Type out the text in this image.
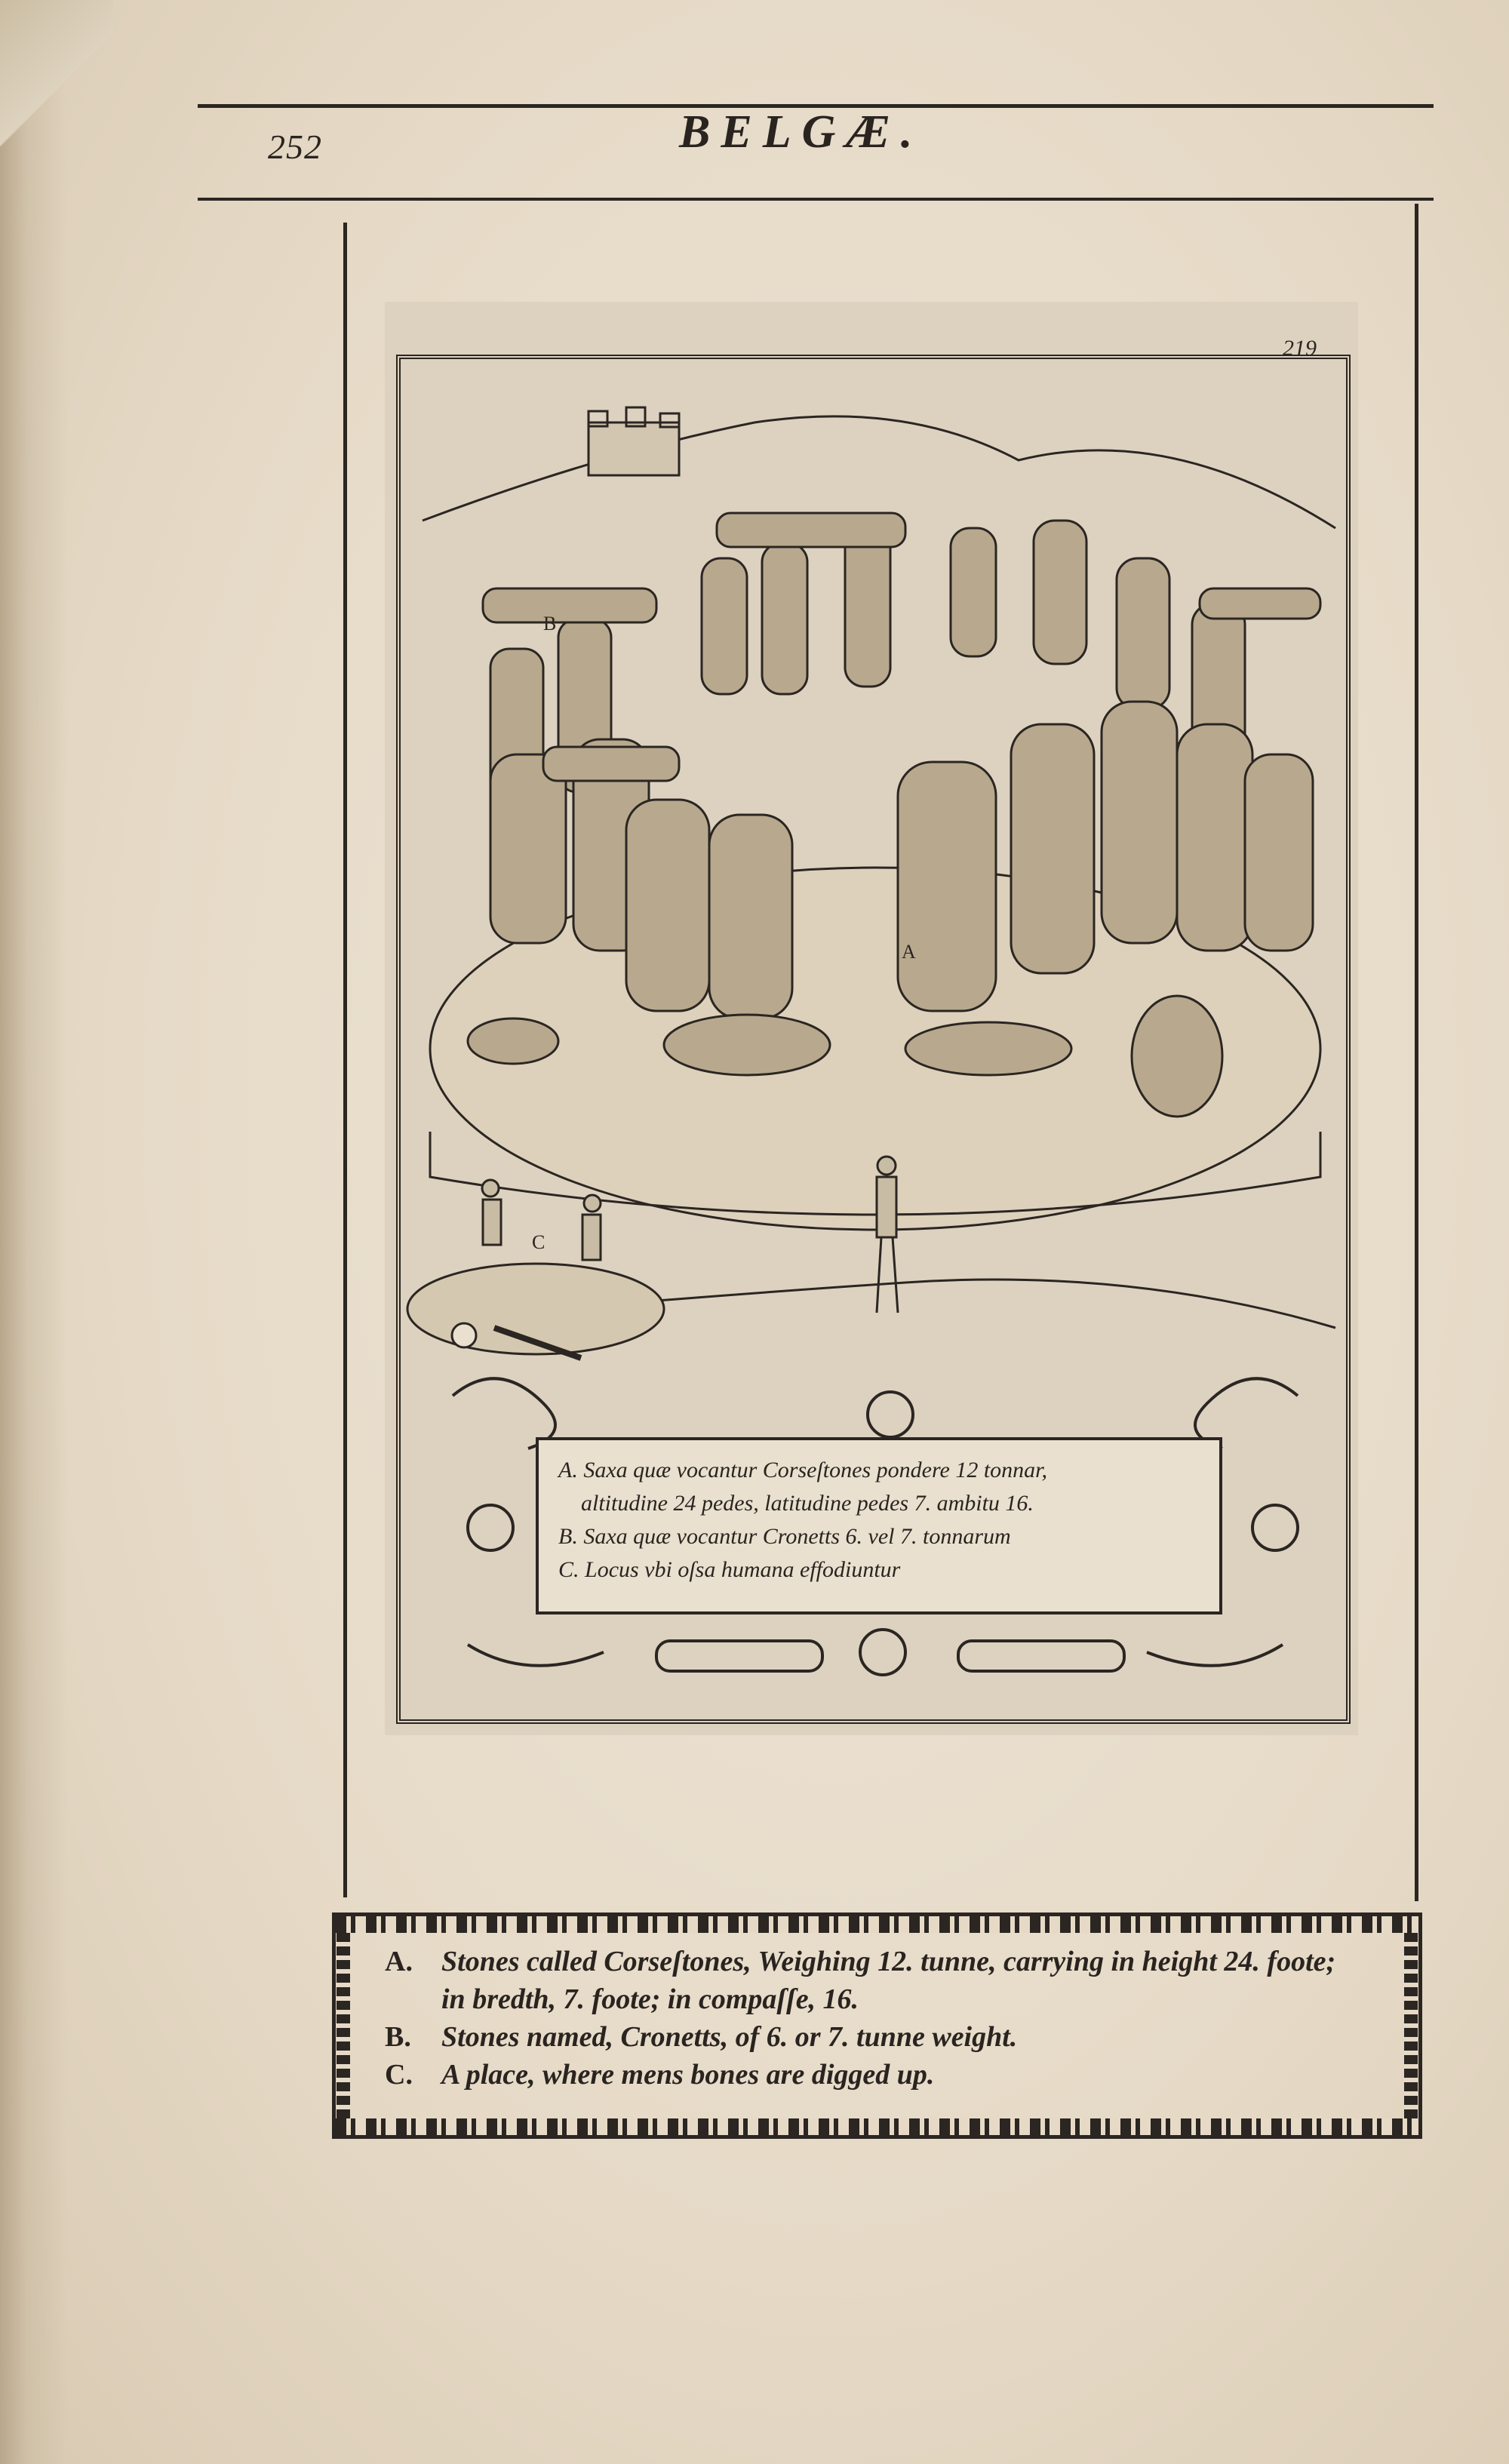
252	BELGÆ.
219
B
A
C
A. Saxa quæ vocantur Corseſtones pondere 12 tonnar,
altitudine 24 pedes, latitudine pedes 7. ambitu 16.
B. Saxa quæ vocantur Cronetts 6. vel 7. tonnarum
C. Locus vbi oſsa humana effodiuntur
A.	Stones called Corseſtones, Weighing 12. tunne, carrying in height 24. foote;
in bredth, 7. foote; in compaſſe, 16.
B.	Stones named, Cronetts, of 6. or 7. tunne weight.
C.	A place, where mens bones are digged up.
